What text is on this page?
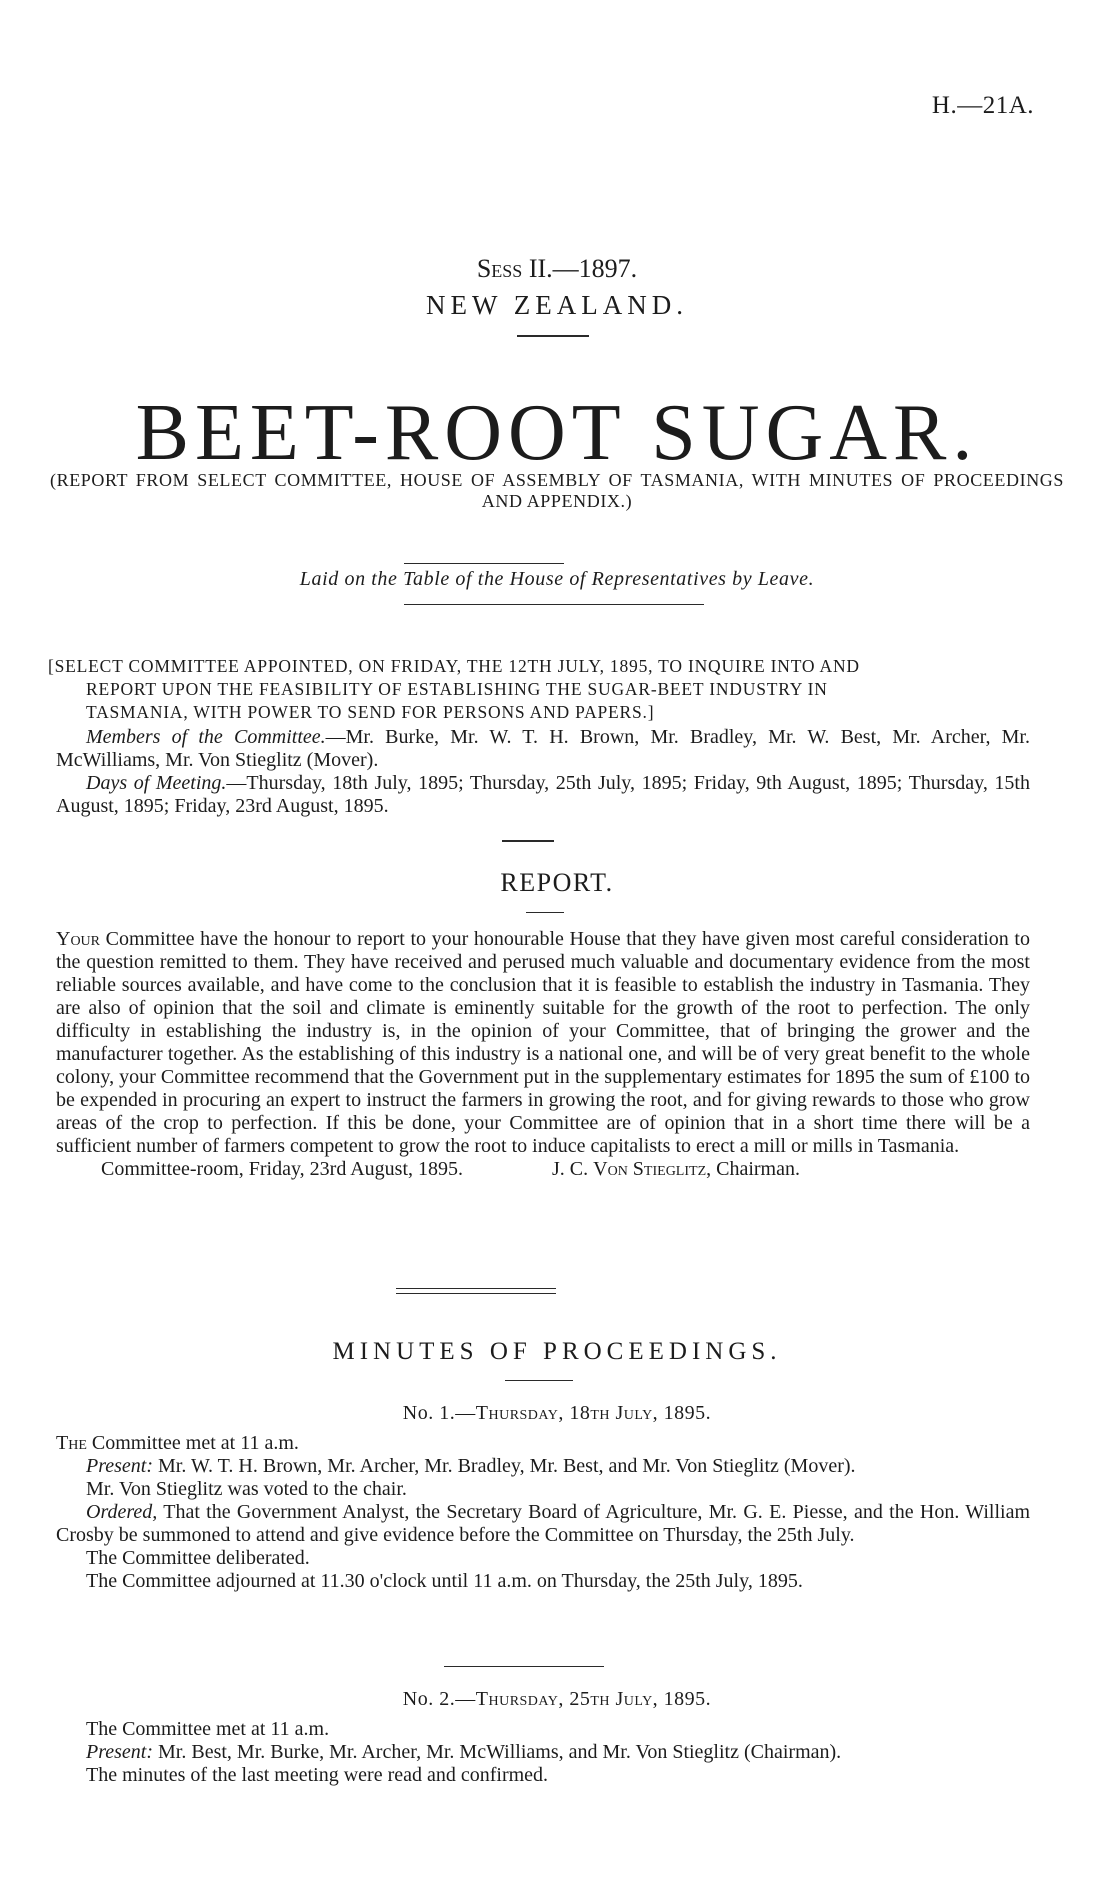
H.—21A.
Sess II.—1897.
NEW ZEALAND.
BEET-ROOT SUGAR.
(REPORT FROM SELECT COMMITTEE, HOUSE OF ASSEMBLY OF TASMANIA, WITH MINUTES OF PROCEEDINGS AND APPENDIX.)
Laid on the Table of the House of Representatives by Leave.
[SELECT COMMITTEE APPOINTED, ON FRIDAY, THE 12TH JULY, 1895, TO INQUIRE INTO AND
REPORT UPON THE FEASIBILITY OF ESTABLISHING THE SUGAR-BEET INDUSTRY IN
TASMANIA, WITH POWER TO SEND FOR PERSONS AND PAPERS.]

Members of the Committee.—Mr. Burke, Mr. W. T. H. Brown, Mr. Bradley, Mr. W. Best, Mr. Archer, Mr. McWilliams, Mr. Von Stieglitz (Mover).

Days of Meeting.—Thursday, 18th July, 1895; Thursday, 25th July, 1895; Friday, 9th August, 1895; Thursday, 15th August, 1895; Friday, 23rd August, 1895.

REPORT.

Your Committee have the honour to report to your honourable House that they have given most careful consideration to the question remitted to them. They have received and perused much valuable and documentary evidence from the most reliable sources available, and have come to the conclusion that it is feasible to establish the industry in Tasmania. They are also of opinion that the soil and climate is eminently suitable for the growth of the root to perfection. The only difficulty in establishing the industry is, in the opinion of your Committee, that of bringing the grower and the manufacturer together. As the establishing of this industry is a national one, and will be of very great benefit to the whole colony, your Committee recommend that the Government put in the supplementary estimates for 1895 the sum of £100 to be expended in procuring an expert to instruct the farmers in growing the root, and for giving rewards to those who grow areas of the crop to perfection. If this be done, your Committee are of opinion that in a short time there will be a sufficient number of farmers competent to grow the root to induce capitalists to erect a mill or mills in Tasmania.

Committee-room, Friday, 23rd August, 1895.	J. C. Von Stieglitz, Chairman.
MINUTES OF PROCEEDINGS.
No. 1.—Thursday, 18th July, 1895.

The Committee met at 11 a.m.

Present: Mr. W. T. H. Brown, Mr. Archer, Mr. Bradley, Mr. Best, and Mr. Von Stieglitz (Mover).

Mr. Von Stieglitz was voted to the chair.

Ordered, That the Government Analyst, the Secretary Board of Agriculture, Mr. G. E. Piesse, and the Hon. William Crosby be summoned to attend and give evidence before the Committee on Thursday, the 25th July.

The Committee deliberated.

The Committee adjourned at 11.30 o'clock until 11 a.m. on Thursday, the 25th July, 1895.

No. 2.—Thursday, 25th July, 1895.

The Committee met at 11 a.m.

Present: Mr. Best, Mr. Burke, Mr. Archer, Mr. McWilliams, and Mr. Von Stieglitz (Chairman).

The minutes of the last meeting were read and confirmed.
